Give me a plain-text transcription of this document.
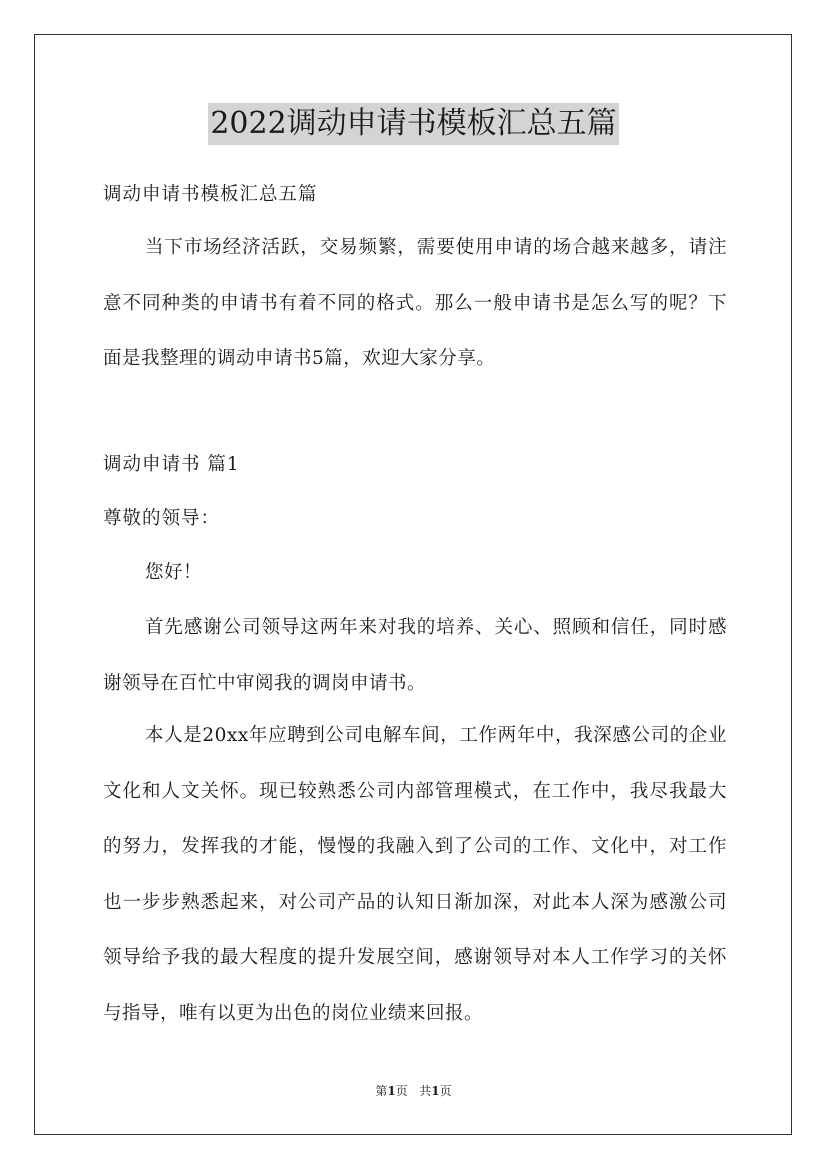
2022调动申请书模板汇总五篇

调动申请书模板汇总五篇

当下市场经济活跃，交易频繁，需要使用申请的场合越来越多，请注意不同种类的申请书有着不同的格式。那么一般申请书是怎么写的呢？下面是我整理的调动申请书5篇，欢迎大家分享。

调动申请书 篇1

尊敬的领导：

您好！

首先感谢公司领导这两年来对我的培养、关心、照顾和信任，同时感谢领导在百忙中审阅我的调岗申请书。

本人是20xx年应聘到公司电解车间，工作两年中，我深感公司的企业文化和人文关怀。现已较熟悉公司内部管理模式，在工作中，我尽我最大的努力，发挥我的才能，慢慢的我融入到了公司的工作、文化中，对工作也一步步熟悉起来，对公司产品的认知日渐加深，对此本人深为感激公司领导给予我的最大程度的提升发展空间，感谢领导对本人工作学习的关怀与指导，唯有以更为出色的岗位业绩来回报。

第1页   共1页
